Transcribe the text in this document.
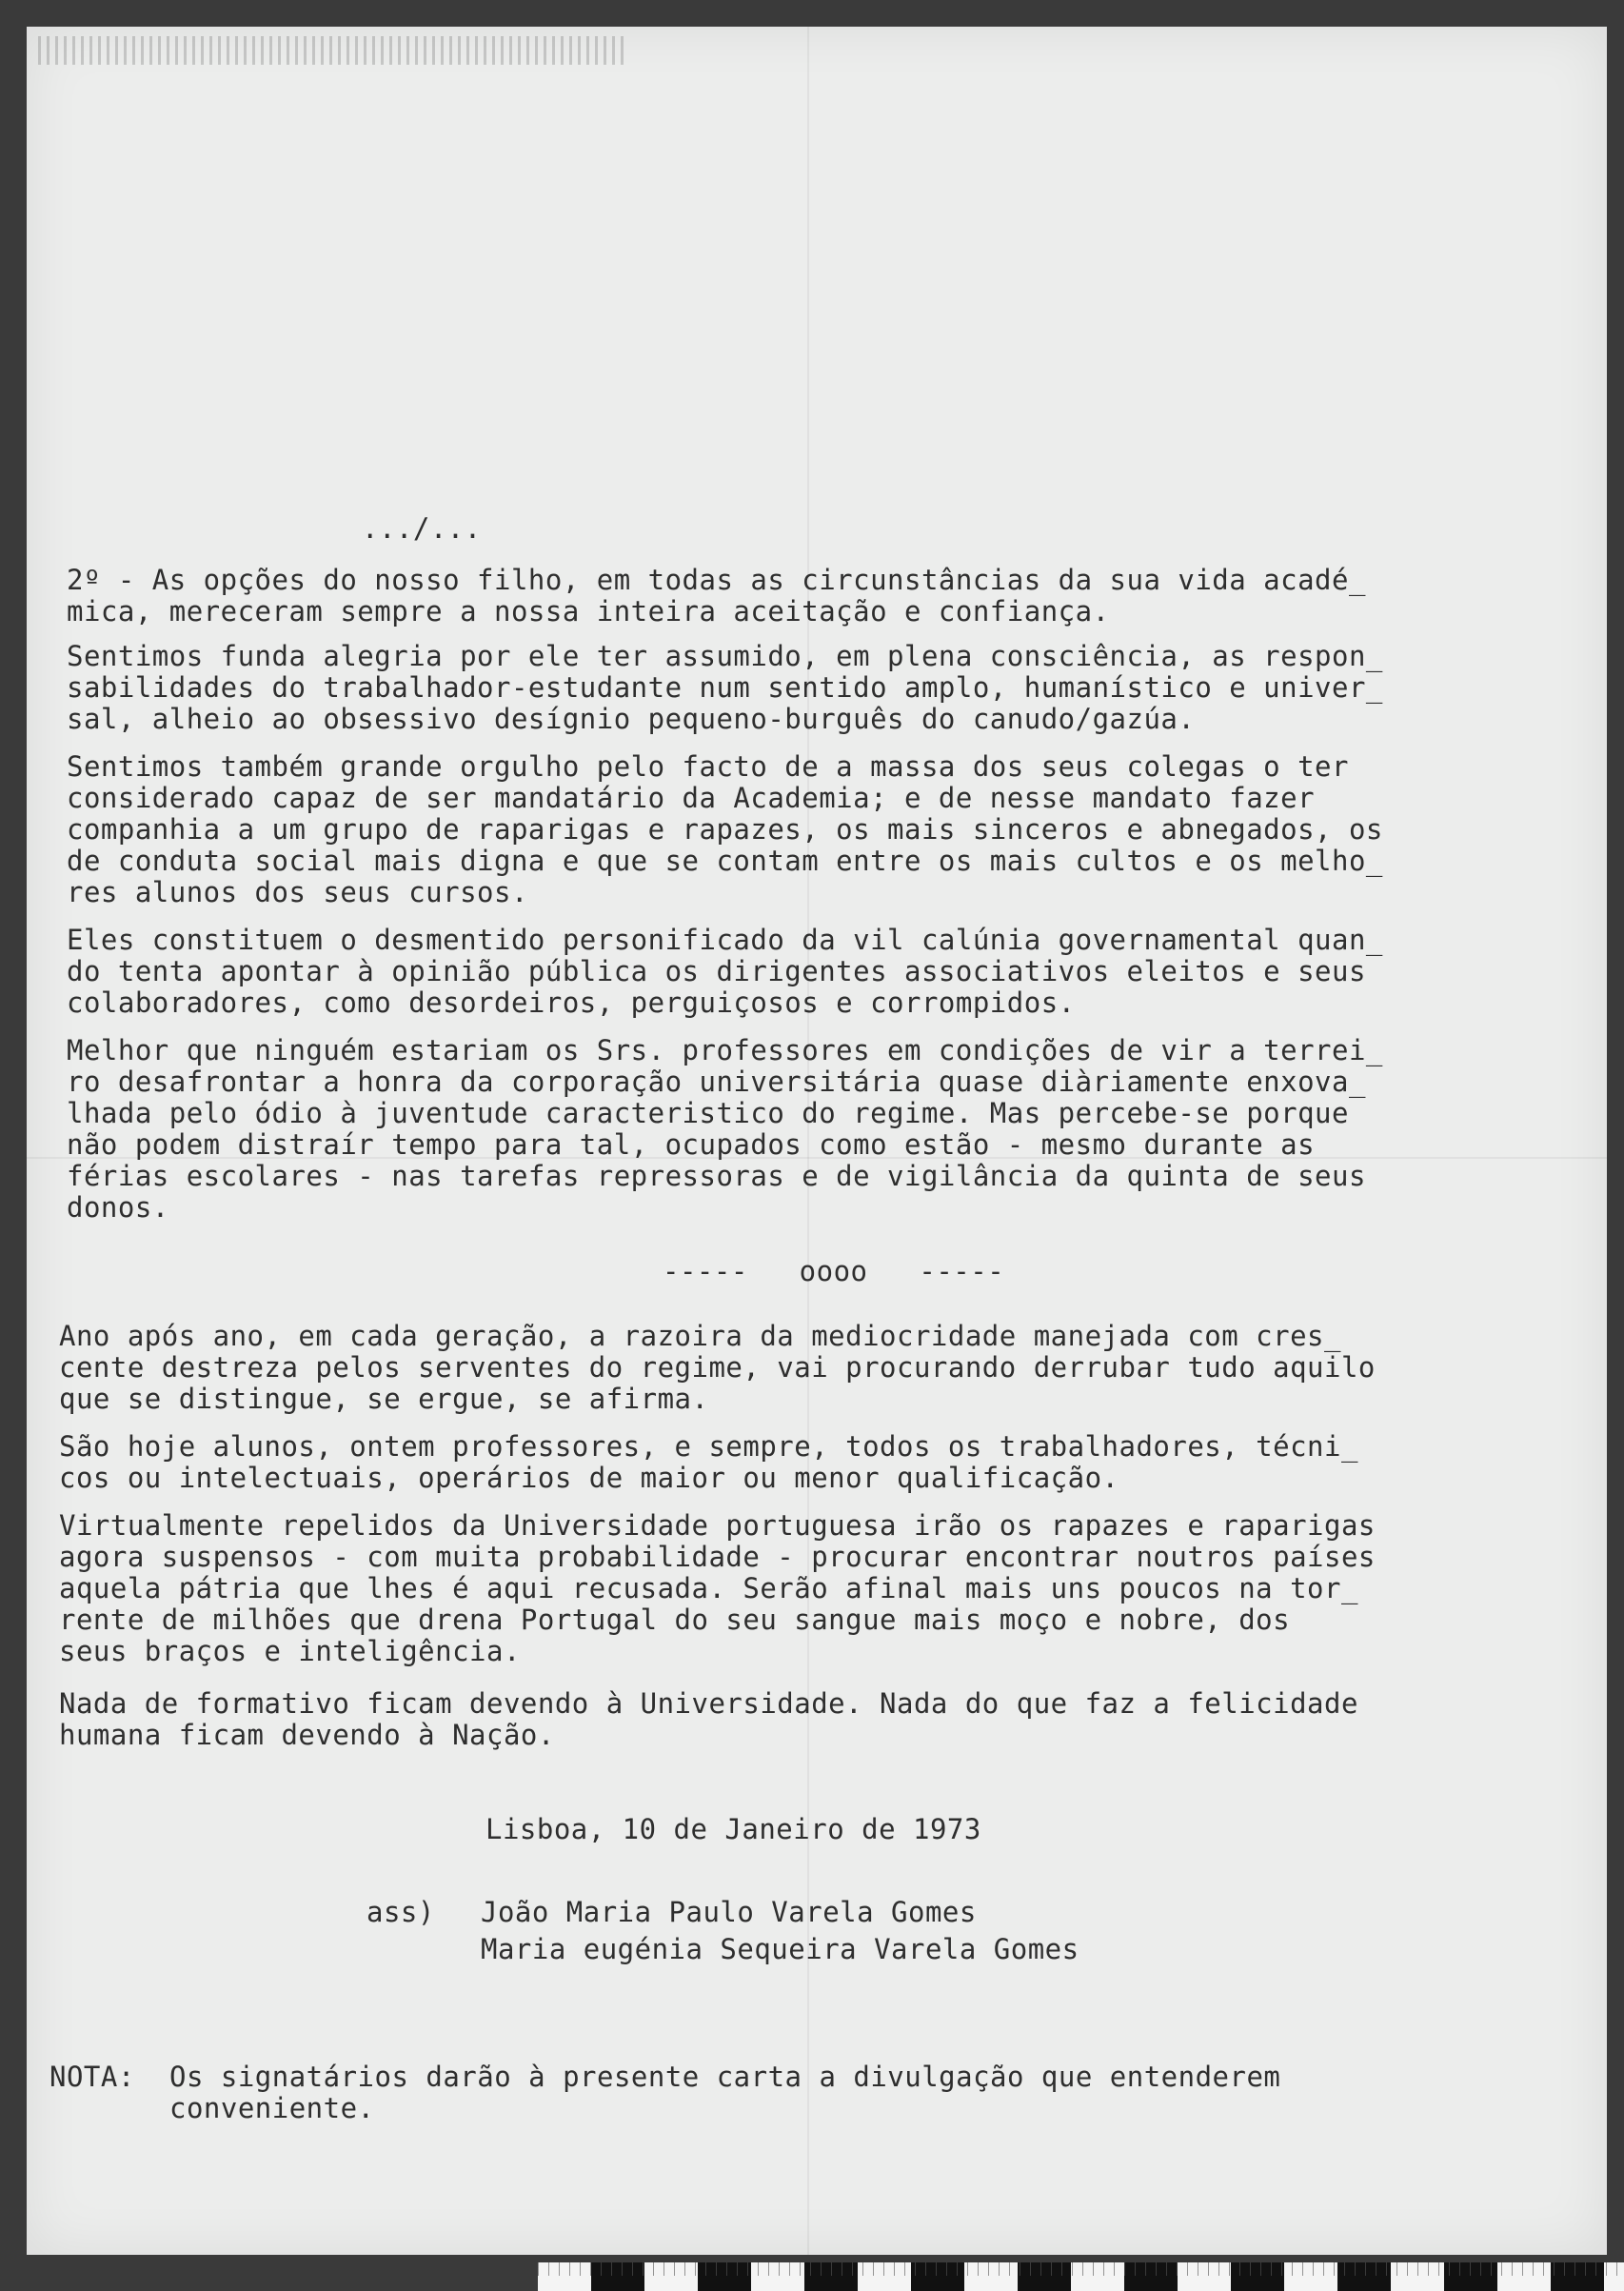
.../...
2º - As opções do nosso filho, em todas as circunstâncias da sua vida acadé_
mica, mereceram sempre a nossa inteira aceitação e confiança.
Sentimos funda alegria por ele ter assumido, em plena consciência, as respon_
sabilidades do trabalhador-estudante num sentido amplo, humanístico e univer_
sal, alheio ao obsessivo desígnio pequeno-burguês do canudo/gazúa.
Sentimos também grande orgulho pelo facto de a massa dos seus colegas o ter
considerado capaz de ser mandatário da Academia; e de nesse mandato fazer
companhia a um grupo de raparigas e rapazes, os mais sinceros e abnegados, os
de conduta social mais digna e que se contam entre os mais cultos e os melho_
res alunos dos seus cursos.
Eles constituem o desmentido personificado da vil calúnia governamental quan_
do tenta apontar à opinião pública os dirigentes associativos eleitos e seus
colaboradores, como desordeiros, perguiçosos e corrompidos.
Melhor que ninguém estariam os Srs. professores em condições de vir a terrei_
ro desafrontar a honra da corporação universitária quase diàriamente enxova_
lhada pelo ódio à juventude caracteristico do regime. Mas percebe-se porque
não podem distraír tempo para tal, ocupados como estão - mesmo durante as
férias escolares - nas tarefas repressoras e de vigilância da quinta de seus
donos.
-----   oooo   -----
Ano após ano, em cada geração, a razoira da mediocridade manejada com cres_
cente destreza pelos serventes do regime, vai procurando derrubar tudo aquilo
que se distingue, se ergue, se afirma.
São hoje alunos, ontem professores, e sempre, todos os trabalhadores, técni_
cos ou intelectuais, operários de maior ou menor qualificação.
Virtualmente repelidos da Universidade portuguesa irão os rapazes e raparigas
agora suspensos - com muita probabilidade - procurar encontrar noutros países
aquela pátria que lhes é aqui recusada. Serão afinal mais uns poucos na tor_
rente de milhões que drena Portugal do seu sangue mais moço e nobre, dos
seus braços e inteligência.
Nada de formativo ficam devendo à Universidade. Nada do que faz a felicidade
humana ficam devendo à Nação.
Lisboa, 10 de Janeiro de 1973
ass) João Maria Paulo Varela Gomes
Maria eugénia Sequeira Varela Gomes
NOTA: Os signatários darão à presente carta a divulgação que entenderem
conveniente.
